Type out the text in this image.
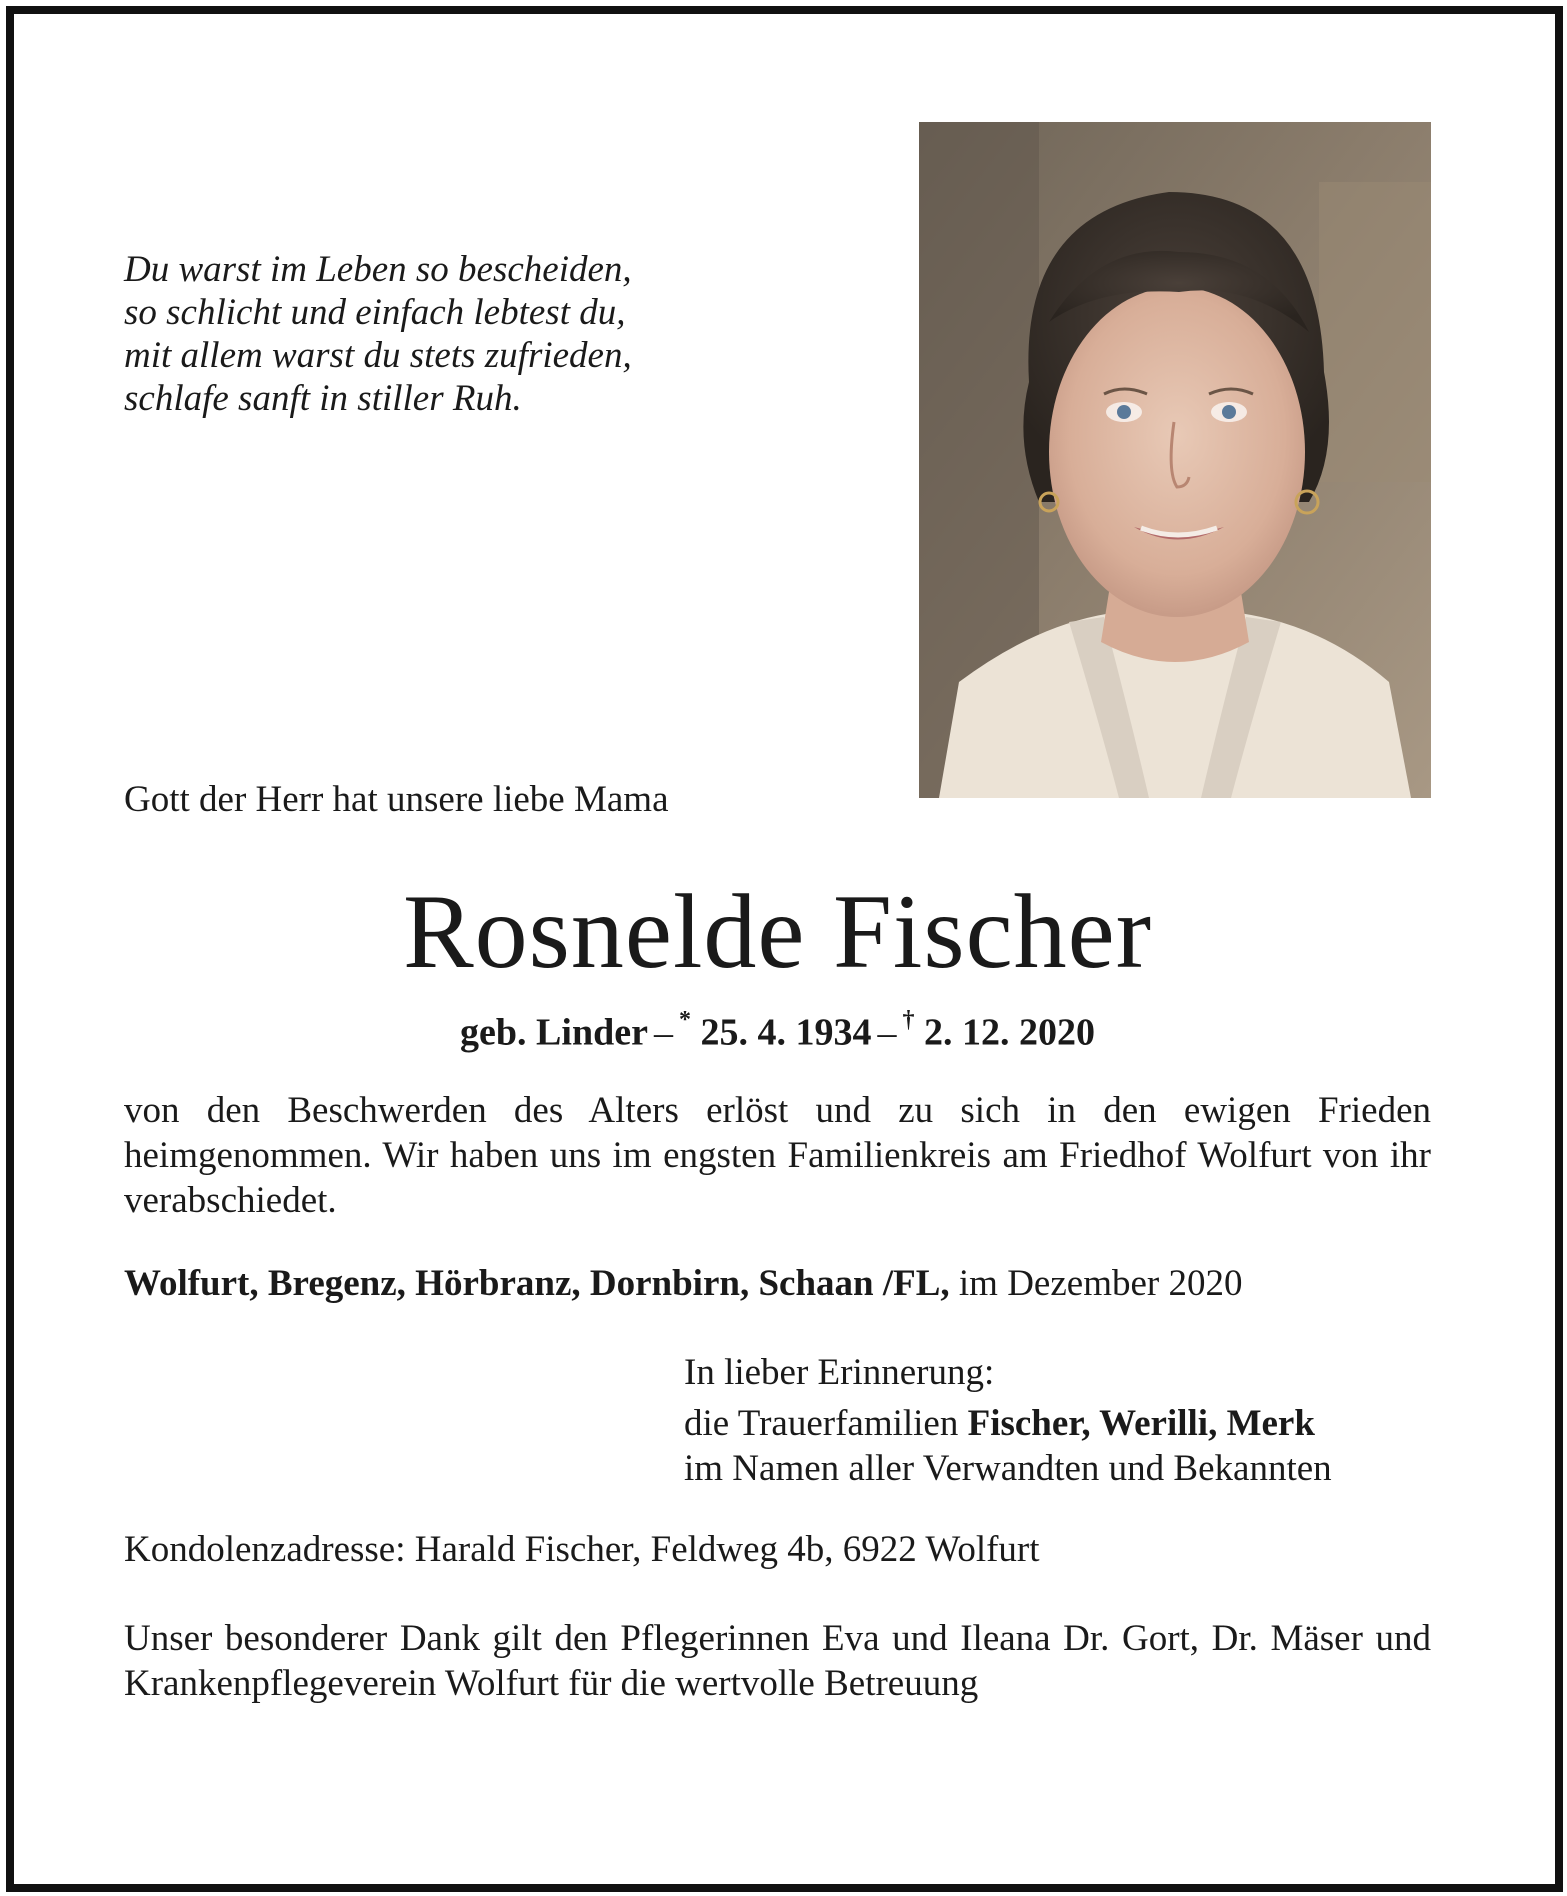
Du warst im Leben so bescheiden,
so schlicht und einfach lebtest du,
mit allem warst du stets zufrieden,
schlafe sanft in stiller Ruh.
Gott der Herr hat unsere liebe Mama
Rosnelde Fischer
geb. Linder – * 25. 4. 1934 – † 2. 12. 2020
von den Beschwerden des Alters erlöst und zu sich in den ewigen Frieden heimgenommen. Wir haben uns im engsten Familienkreis am Friedhof Wolfurt von ihr verabschiedet.
Wolfurt, Bregenz, Hörbranz, Dornbirn, Schaan /FL, im Dezember 2020
In lieber Erinnerung:
die Trauerfamilien Fischer, Werilli, Merk
im Namen aller Verwandten und Bekannten
Kondolenzadresse: Harald Fischer, Feldweg 4b, 6922 Wolfurt
Unser besonderer Dank gilt den Pflegerinnen Eva und Ileana Dr. Gort, Dr. Mäser und Krankenpflegeverein Wolfurt für die wertvolle Betreuung
